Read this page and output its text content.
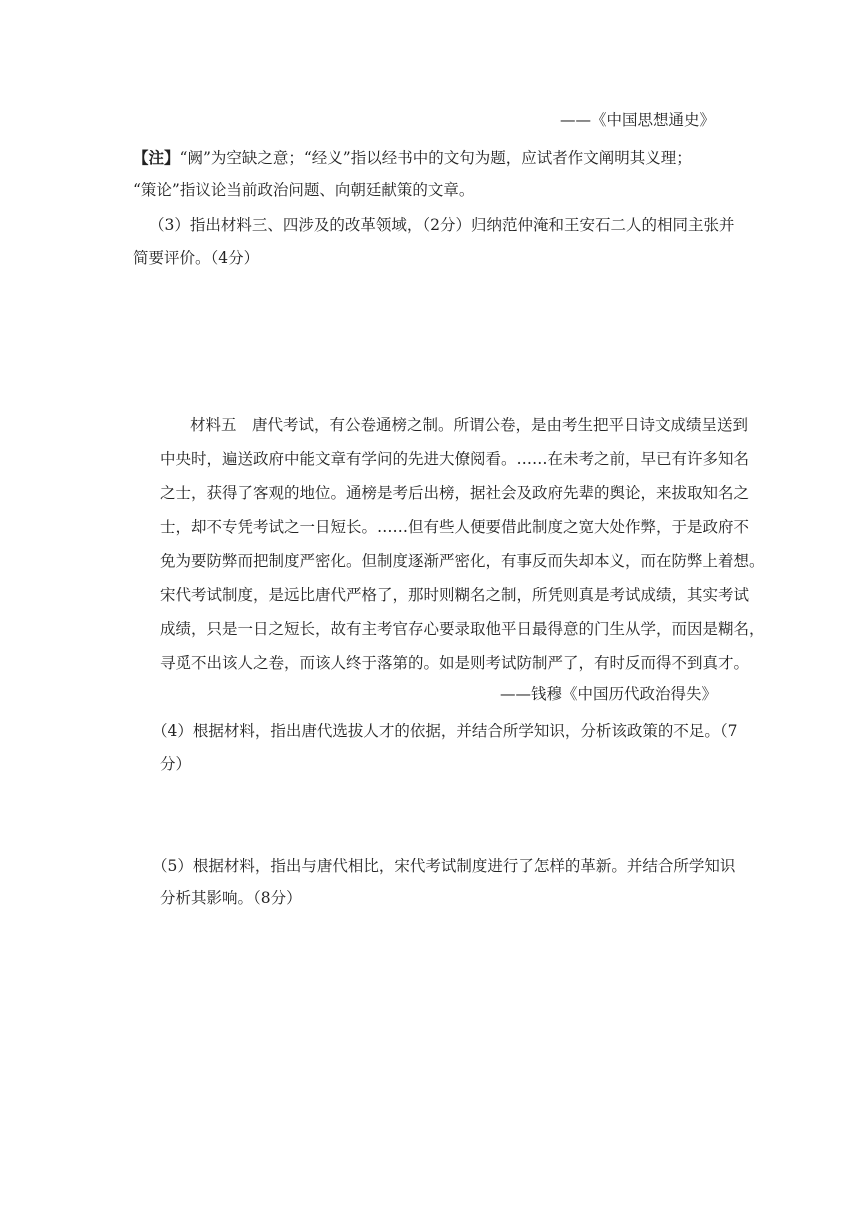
——《中国思想通史》
【注】“阙”为空缺之意；“经义”指以经书中的文句为题，应试者作文阐明其义理；
“策论”指议论当前政治问题、向朝廷献策的文章。
（3）指出材料三、四涉及的改革领域，（2分）归纳范仲淹和王安石二人的相同主张并
简要评价。（4分）
材料五　唐代考试，有公卷通榜之制。所谓公卷，是由考生把平日诗文成绩呈送到
中央时，遍送政府中能文章有学问的先进大僚阅看。……在未考之前，早已有许多知名
之士，获得了客观的地位。通榜是考后出榜，据社会及政府先辈的舆论，来拔取知名之
士，却不专凭考试之一日短长。……但有些人便要借此制度之宽大处作弊，于是政府不
免为要防弊而把制度严密化。但制度逐渐严密化，有事反而失却本义，而在防弊上着想。
宋代考试制度，是远比唐代严格了，那时则糊名之制，所凭则真是考试成绩，其实考试
成绩，只是一日之短长，故有主考官存心要录取他平日最得意的门生从学，而因是糊名，
寻觅不出该人之卷，而该人终于落第的。如是则考试防制严了，有时反而得不到真才。
——钱穆《中国历代政治得失》
（4）根据材料，指出唐代选拔人才的依据，并结合所学知识，分析该政策的不足。（7
分）
（5）根据材料，指出与唐代相比，宋代考试制度进行了怎样的革新。并结合所学知识
分析其影响。（8分）
